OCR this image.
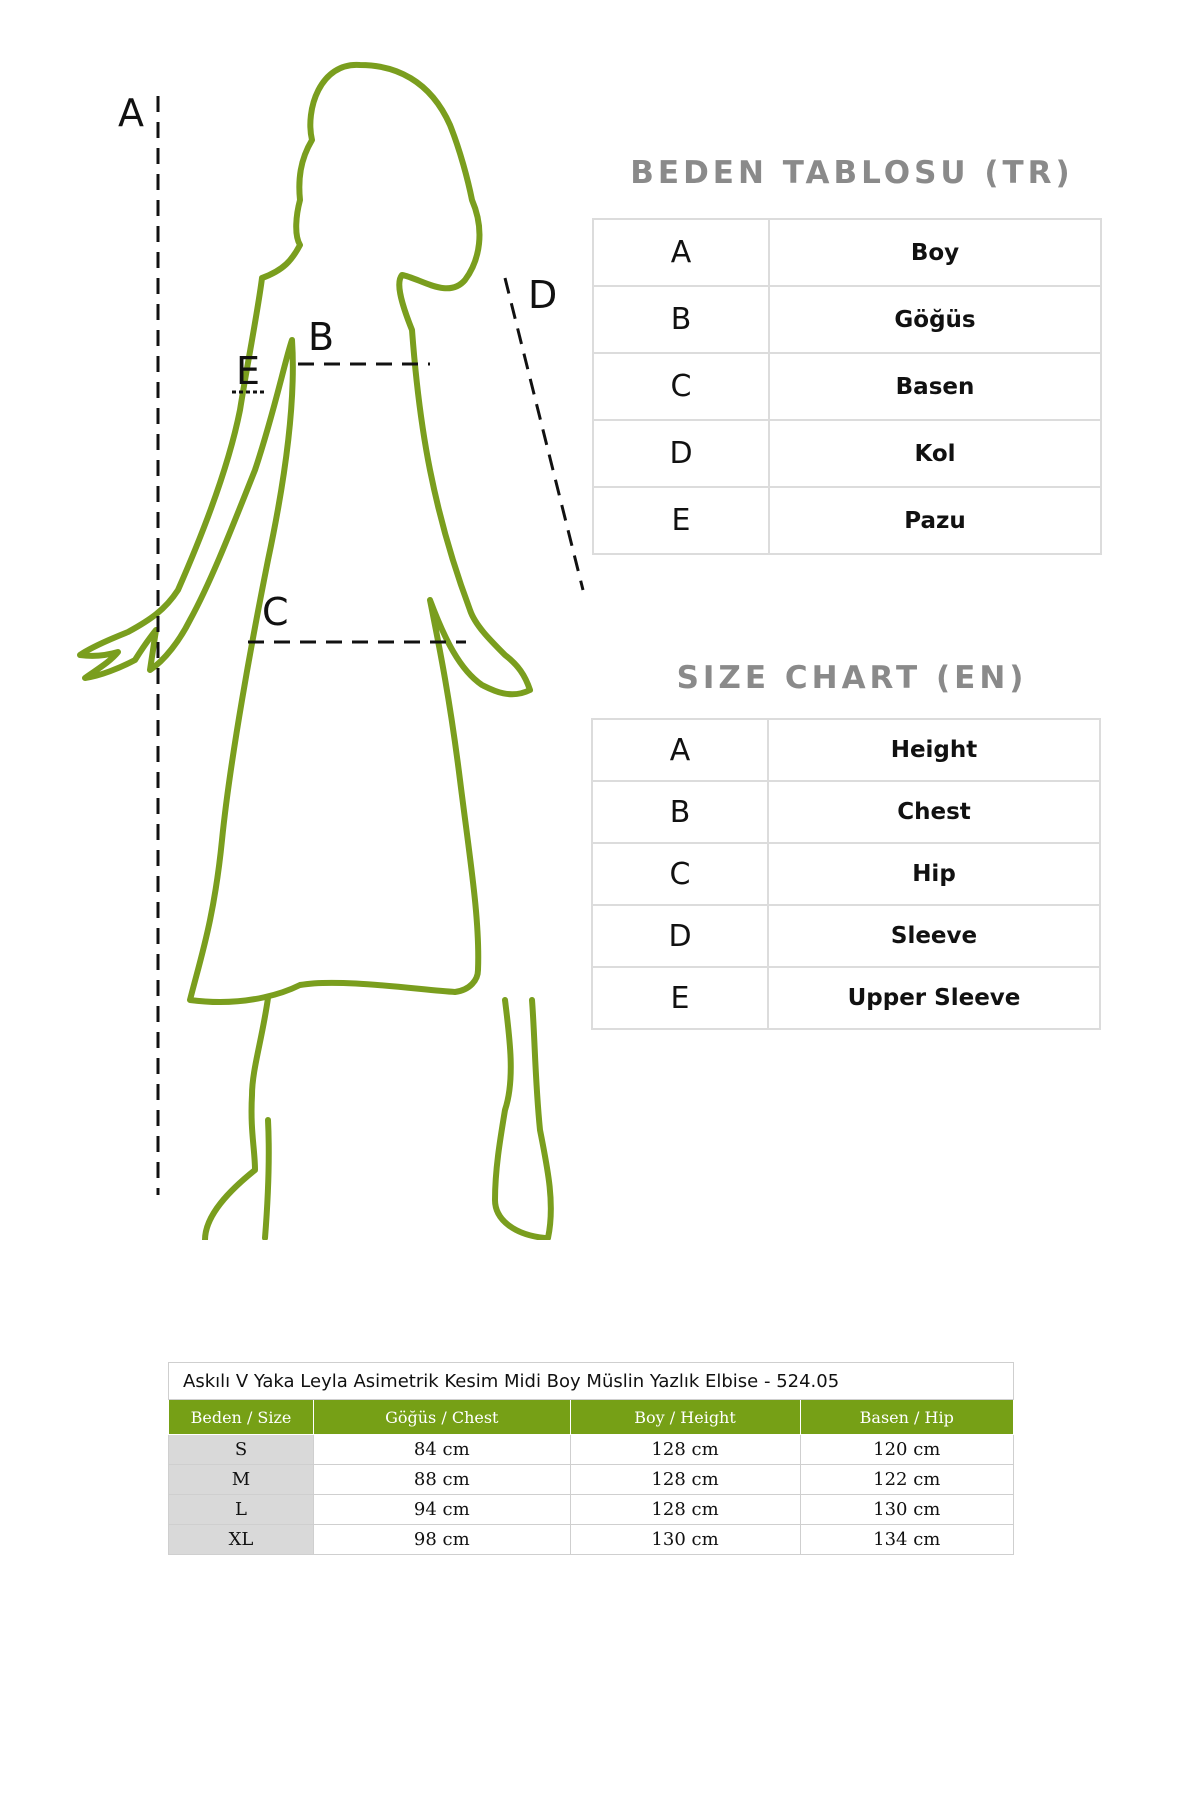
A
B
C
D
E
BEDEN TABLOSU (TR)
A	Boy
B	Göğüs
C	Basen
D	Kol
E	Pazu
SIZE CHART (EN)
A	Height
B	Chest
C	Hip
D	Sleeve
E	Upper Sleeve
Askılı V Yaka Leyla Asimetrik Kesim Midi Boy Müslin Yazlık Elbise - 524.05			
Beden / Size	Göğüs / Chest	Boy / Height	Basen / Hip
S	84 cm	128 cm	120 cm
M	88 cm	128 cm	122 cm
L	94 cm	128 cm	130 cm
XL	98 cm	130 cm	134 cm
